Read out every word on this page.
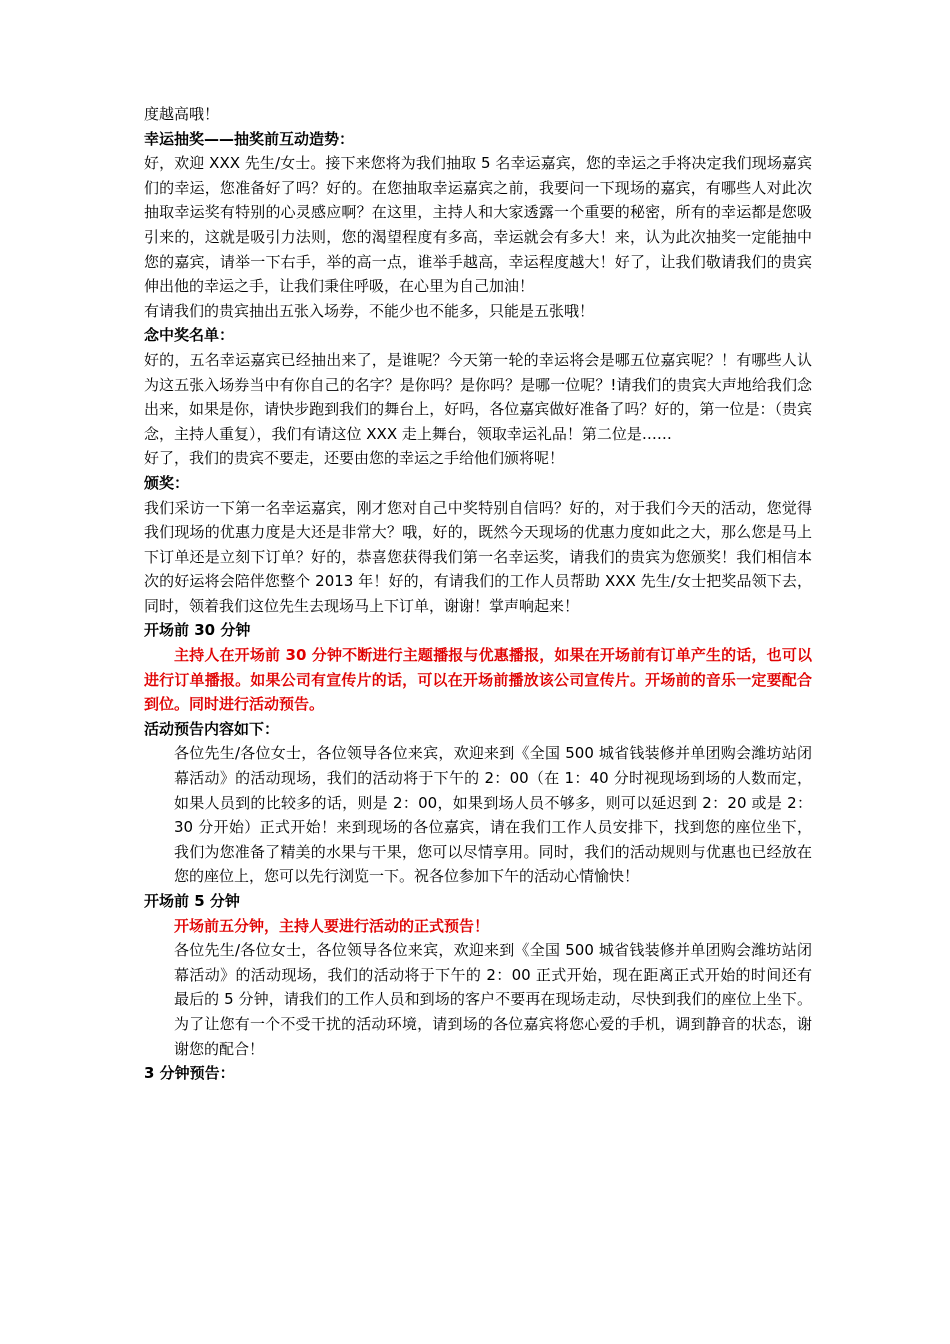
度越高哦！

幸运抽奖——抽奖前互动造势：

好，欢迎 XXX 先生/女士。接下来您将为我们抽取 5 名幸运嘉宾，您的幸运之手将决定我们现场嘉宾们的幸运，您准备好了吗？好的。在您抽取幸运嘉宾之前，我要问一下现场的嘉宾，有哪些人对此次抽取幸运奖有特别的心灵感应啊？在这里，主持人和大家透露一个重要的秘密，所有的幸运都是您吸引来的，这就是吸引力法则，您的渴望程度有多高，幸运就会有多大！来，认为此次抽奖一定能抽中您的嘉宾，请举一下右手，举的高一点，谁举手越高，幸运程度越大！好了，让我们敬请我们的贵宾伸出他的幸运之手，让我们秉住呼吸，在心里为自己加油！

有请我们的贵宾抽出五张入场券，不能少也不能多，只能是五张哦！

念中奖名单：

好的，五名幸运嘉宾已经抽出来了，是谁呢？今天第一轮的幸运将会是哪五位嘉宾呢？！有哪些人认为这五张入场券当中有你自己的名字？是你吗？是你吗？是哪一位呢？!请我们的贵宾大声地给我们念出来，如果是你，请快步跑到我们的舞台上，好吗，各位嘉宾做好准备了吗？好的，第一位是：（贵宾念，主持人重复），我们有请这位 XXX 走上舞台，领取幸运礼品！第二位是……

好了，我们的贵宾不要走，还要由您的幸运之手给他们颁将呢！

颁奖：

我们采访一下第一名幸运嘉宾，刚才您对自己中奖特别自信吗？好的，对于我们今天的活动，您觉得我们现场的优惠力度是大还是非常大？哦，好的，既然今天现场的优惠力度如此之大，那么您是马上下订单还是立刻下订单？好的，恭喜您获得我们第一名幸运奖，请我们的贵宾为您颁奖！我们相信本次的好运将会陪伴您整个 2013 年！好的，有请我们的工作人员帮助 XXX 先生/女士把奖品领下去，同时，领着我们这位先生去现场马上下订单，谢谢！掌声响起来！

开场前 30 分钟

主持人在开场前 30 分钟不断进行主题播报与优惠播报，如果在开场前有订单产生的话，也可以进行订单播报。如果公司有宣传片的话，可以在开场前播放该公司宣传片。开场前的音乐一定要配合到位。同时进行活动预告。

活动预告内容如下：

各位先生/各位女士，各位领导各位来宾，欢迎来到《全国 500 城省钱装修并单团购会潍坊站闭幕活动》的活动现场，我们的活动将于下午的 2：00（在 1：40 分时视现场到场的人数而定，如果人员到的比较多的话，则是 2：00，如果到场人员不够多，则可以延迟到 2：20 或是 2：30 分开始）正式开始！来到现场的各位嘉宾，请在我们工作人员安排下，找到您的座位坐下，我们为您准备了精美的水果与干果，您可以尽情享用。同时，我们的活动规则与优惠也已经放在您的座位上，您可以先行浏览一下。祝各位参加下午的活动心情愉快！

开场前 5 分钟

开场前五分钟，主持人要进行活动的正式预告！

各位先生/各位女士，各位领导各位来宾，欢迎来到《全国 500 城省钱装修并单团购会潍坊站闭幕活动》的活动现场，我们的活动将于下午的 2：00 正式开始，现在距离正式开始的时间还有最后的 5 分钟，请我们的工作人员和到场的客户不要再在现场走动，尽快到我们的座位上坐下。为了让您有一个不受干扰的活动环境，请到场的各位嘉宾将您心爱的手机，调到静音的状态，谢谢您的配合！

3 分钟预告：
